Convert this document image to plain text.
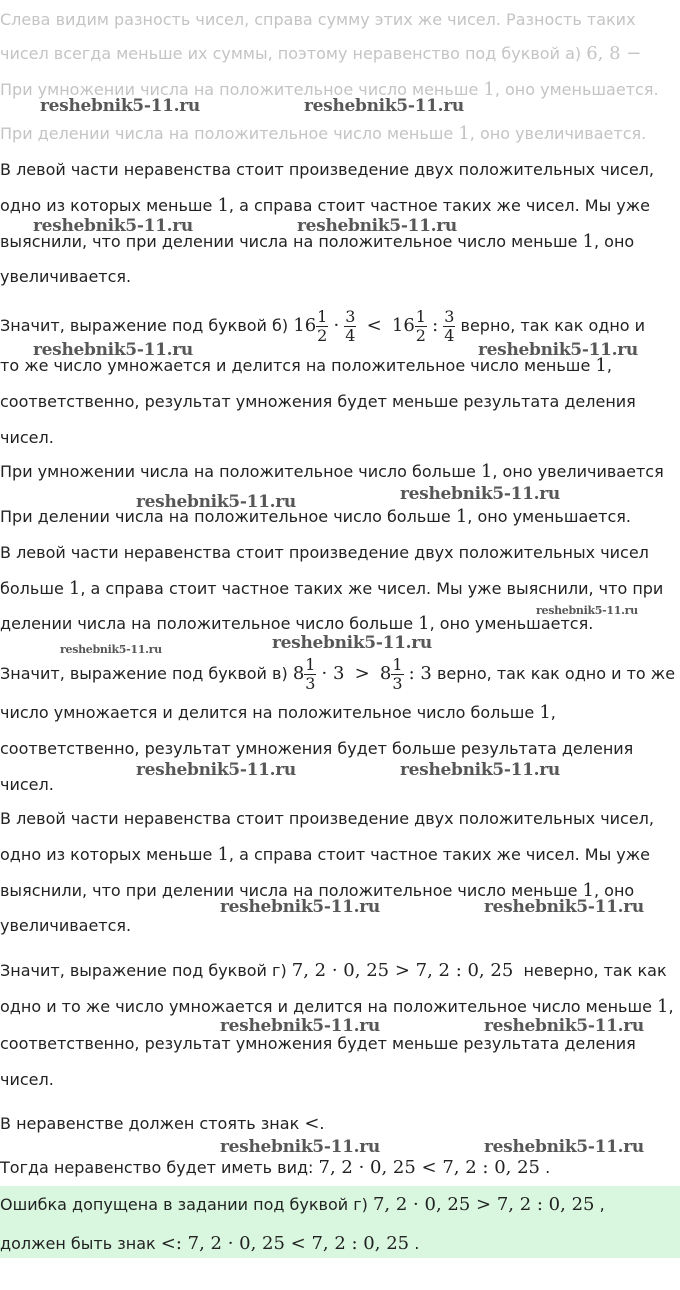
Слева видим разность чисел, справа сумму этих же чисел. Разность таких
чисел всегда меньше их суммы, поэтому неравенство под буквой а) 6, 8 −
При умножении числа на положительное число меньше 1, оно уменьшается.
При делении числа на положительное число меньше 1, оно увеличивается.
В левой части неравенства стоит произведение двух положительных чисел,
одно из которых меньше 1, а справа стоит частное таких же чисел. Мы уже
выяснили, что при делении числа на положительное число меньше 1, оно
увеличивается.
Значит, выражение под буквой б) $16 \frac{1}{2} \cdot \frac{3}{4} < 16 \frac{1}{2}$ : $\frac{3}{4}$ верно, так как одно и
то же число умножается и делится на положительное число меньше 1,
соответственно, результат умножения будет меньше результата деления
чисел.
При умножении числа на положительное число больше 1, оно увеличивается
При делении числа на положительное число больше 1, оно уменьшается.
В левой части неравенства стоит произведение двух положительных чисел
больше 1, а справа стоит частное таких же чисел. Мы уже выяснили, что при
делении числа на положительное число больше 1, оно уменьшается.
Значит, выражение под буквой в) $8 \frac{1}{3} \cdot 3 > 8 \frac{1}{3}$ : 3 верно, так как одно и то же
число умножается и делится на положительное число больше 1,
соответственно, результат умножения будет больше результата деления
чисел.
В левой части неравенства стоит произведение двух положительных чисел,
одно из которых меньше 1, а справа стоит частное таких же чисел. Мы уже
выяснили, что при делении числа на положительное число меньше 1, оно
увеличивается.
Значит, выражение под буквой г) 7, 2 · 0, 25 > 7, 2 : 0, 25 неверно, так как
одно и то же число умножается и делится на положительное число меньше 1,
соответственно, результат умножения будет меньше результата деления
чисел.
В неравенстве должен стоять знак <.
Тогда неравенство будет иметь вид: 7, 2 · 0, 25 < 7, 2 : 0, 25 .
Ошибка допущена в задании под буквой г) 7, 2 · 0, 25 > 7, 2 : 0, 25 ,
должен быть знак <: 7, 2 · 0, 25 < 7, 2 : 0, 25 .
reshebnik5-11.ru	reshebnik5-11.ru
reshebnik5-11.ru	reshebnik5-11.ru
reshebnik5-11.ru	reshebnik5-11.ru
reshebnik5-11.ru	reshebnik5-11.ru
reshebnik5-11.ru
reshebnik5-11.ru	reshebnik5-11.ru
reshebnik5-11.ru	reshebnik5-11.ru
reshebnik5-11.ru	reshebnik5-11.ru
reshebnik5-11.ru	reshebnik5-11.ru
reshebnik5-11.ru	reshebnik5-11.ru
